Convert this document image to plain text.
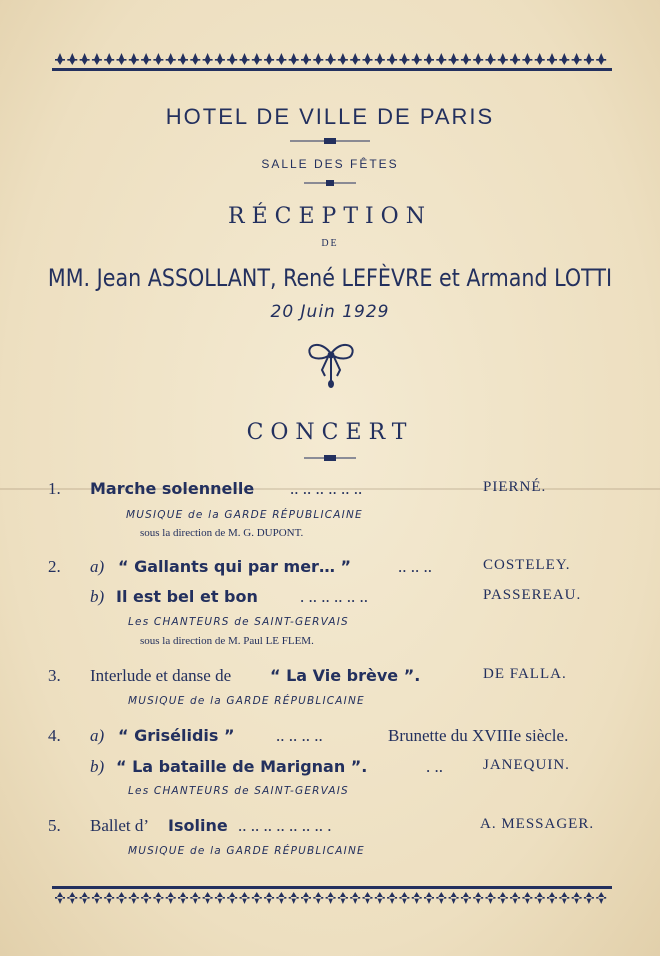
HOTEL DE VILLE DE PARIS
SALLE DES FÊTES
RÉCEPTION
DE
MM. Jean ASSOLLANT, René LEFÈVRE et Armand LOTTI
20 Juin 1929
CONCERT
1. Marche solennelle .. .. .. .. .. ..	PIERNÉ.
MUSIQUE de la GARDE RÉPUBLICAINE
sous la direction de M. G. DUPONT.
2. a) “ Gallants qui par mer… ”	.. .. ..	COSTELEY.
b) Il est bel et bon . .. .. .. .. ..	PASSEREAU.
Les CHANTEURS de SAINT-GERVAIS
sous la direction de M. Paul LE FLEM.
3. Interlude et danse de “ La Vie brève ”.	DE FALLA.
MUSIQUE de la GARDE RÉPUBLICAINE
4. a) “ Grisélidis ” .. .. .. ..	Brunette du XVIIIe siècle.
b) “ La bataille de Marignan ”.	. ..	JANEQUIN.
Les CHANTEURS de SAINT-GERVAIS
5. Ballet d’ Isoline .. .. .. .. .. .. .. .	A. MESSAGER.
MUSIQUE de la GARDE RÉPUBLICAINE
